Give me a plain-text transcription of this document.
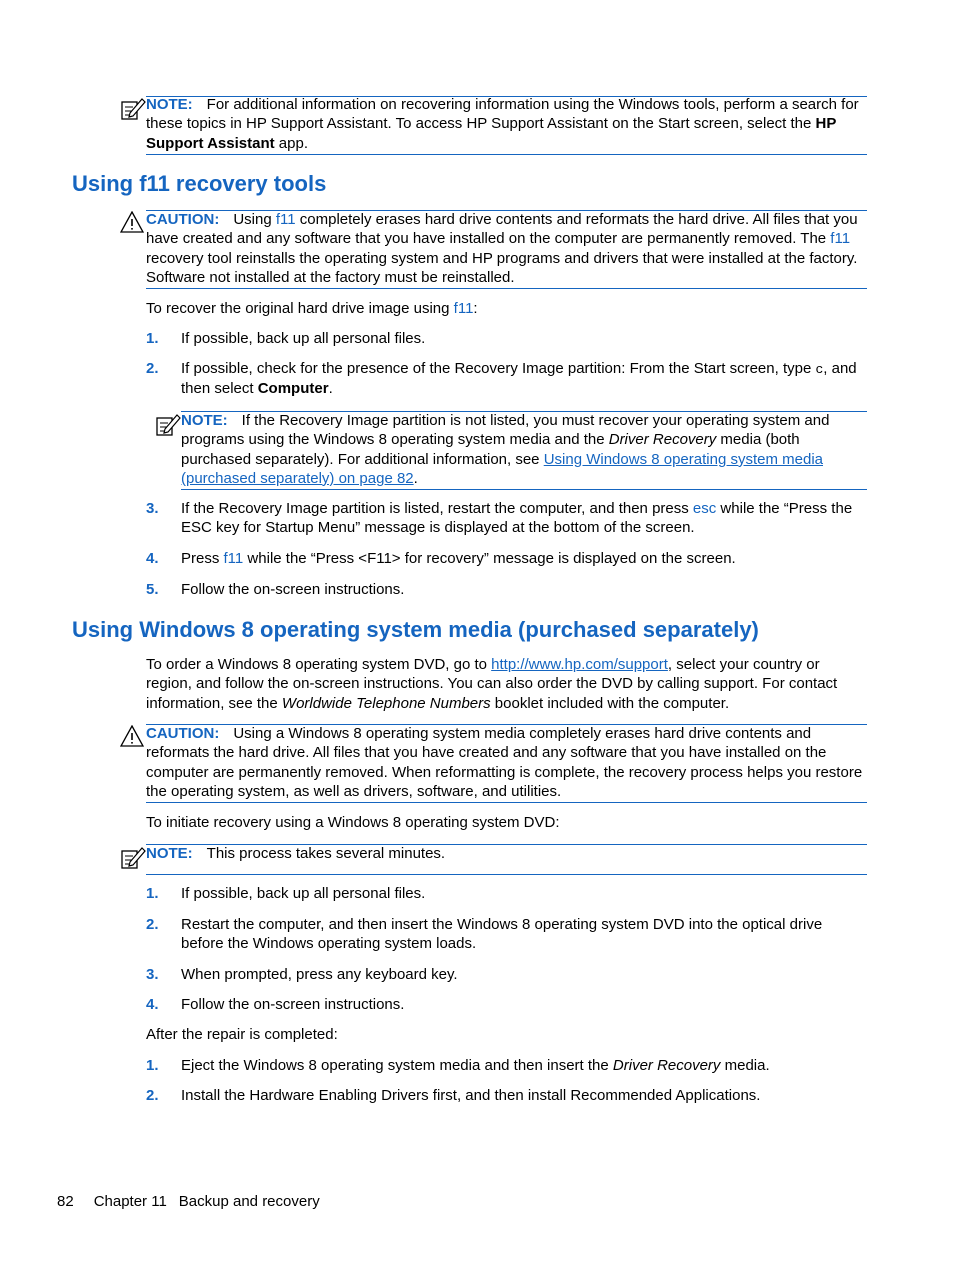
NOTE: For additional information on recovering information using the Windows tools, perform a search for these topics in HP Support Assistant. To access HP Support Assistant on the Start screen, select the HP Support Assistant app.
Using f11 recovery tools
CAUTION: Using f11 completely erases hard drive contents and reformats the hard drive. All files that you have created and any software that you have installed on the computer are permanently removed. The f11 recovery tool reinstalls the operating system and HP programs and drivers that were installed at the factory. Software not installed at the factory must be reinstalled.
To recover the original hard drive image using f11:
1. If possible, back up all personal files.
2. If possible, check for the presence of the Recovery Image partition: From the Start screen, type c, and then select Computer.
NOTE: If the Recovery Image partition is not listed, you must recover your operating system and programs using the Windows 8 operating system media and the Driver Recovery media (both purchased separately). For additional information, see Using Windows 8 operating system media (purchased separately) on page 82.
3. If the Recovery Image partition is listed, restart the computer, and then press esc while the “Press the ESC key for Startup Menu” message is displayed at the bottom of the screen.
4. Press f11 while the “Press <F11> for recovery” message is displayed on the screen.
5. Follow the on-screen instructions.
Using Windows 8 operating system media (purchased separately)
To order a Windows 8 operating system DVD, go to http://www.hp.com/support, select your country or region, and follow the on-screen instructions. You can also order the DVD by calling support. For contact information, see the Worldwide Telephone Numbers booklet included with the computer.
CAUTION: Using a Windows 8 operating system media completely erases hard drive contents and reformats the hard drive. All files that you have created and any software that you have installed on the computer are permanently removed. When reformatting is complete, the recovery process helps you restore the operating system, as well as drivers, software, and utilities.
To initiate recovery using a Windows 8 operating system DVD:
NOTE: This process takes several minutes.
1. If possible, back up all personal files.
2. Restart the computer, and then insert the Windows 8 operating system DVD into the optical drive before the Windows operating system loads.
3. When prompted, press any keyboard key.
4. Follow the on-screen instructions.
After the repair is completed:
1. Eject the Windows 8 operating system media and then insert the Driver Recovery media.
2. Install the Hardware Enabling Drivers first, and then install Recommended Applications.
82 Chapter 11 Backup and recovery
